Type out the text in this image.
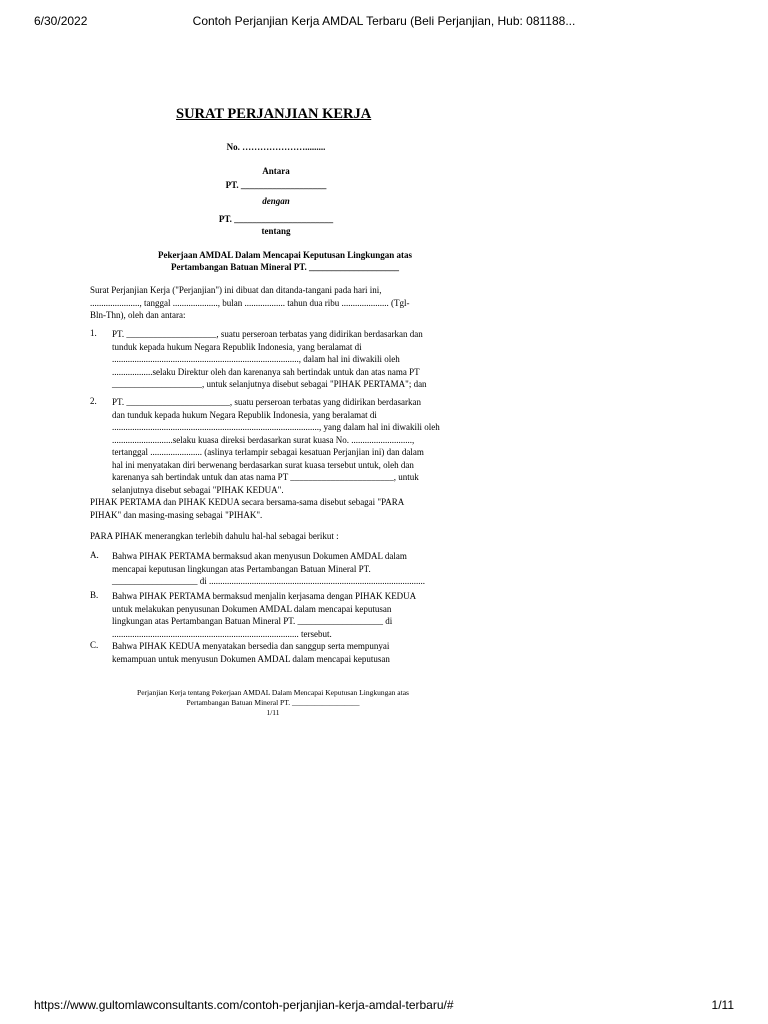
6/30/2022	Contoh Perjanjian Kerja AMDAL Terbaru (Beli Perjanjian, Hub: 081188...
SURAT PERJANJIAN KERJA
No. ………………….........
Antara
PT. ___________________
dengan
PT. ______________________
tentang
Pekerjaan AMDAL Dalam Mencapai Keputusan Lingkungan atas
Pertambangan Batuan Mineral PT. ____________________
Surat Perjanjian Kerja ("Perjanjian") ini dibuat dan ditanda-tangani pada hari ini,
......................, tanggal ...................., bulan .................. tahun dua ribu ..................... (Tgl-
Bln-Thn), oleh dan antara:
1. PT. ____________________, suatu perseroan terbatas yang didirikan berdasarkan dan
tunduk kepada hukum Negara Republik Indonesia, yang beralamat di
..................................................................................., dalam hal ini diwakili oleh
..................selaku Direktur oleh dan karenanya sah bertindak untuk dan atas nama PT
____________________, untuk selanjutnya disebut sebagai "PIHAK PERTAMA"; dan
2. PT. _______________________, suatu perseroan terbatas yang didirikan berdasarkan
dan tunduk kepada hukum Negara Republik Indonesia, yang beralamat di
............................................................................................, yang dalam hal ini diwakili oleh
...........................selaku kuasa direksi berdasarkan surat kuasa No. ...........................,
tertanggal ....................... (aslinya terlampir sebagai kesatuan Perjanjian ini) dan dalam
hal ini menyatakan diri berwenang berdasarkan surat kuasa tersebut untuk, oleh dan
karenanya sah bertindak untuk dan atas nama PT _______________________, untuk
selanjutnya disebut sebagai "PIHAK KEDUA".
PIHAK PERTAMA dan PIHAK KEDUA secara bersama-sama disebut sebagai "PARA
PIHAK" dan masing-masing sebagai "PIHAK".
PARA PIHAK menerangkan terlebih dahulu hal-hal sebagai berikut :
A. Bahwa PIHAK PERTAMA bermaksud akan menyusun Dokumen AMDAL dalam
mencapai keputusan lingkungan atas Pertambangan Batuan Mineral PT.
___________________ di ................................................................................................
B. Bahwa PIHAK PERTAMA bermaksud menjalin kerjasama dengan PIHAK KEDUA
untuk melakukan penyusunan Dokumen AMDAL dalam mencapai keputusan
lingkungan atas Pertambangan Batuan Mineral PT. ___________________ di
................................................................................... tersebut.
C. Bahwa PIHAK KEDUA menyatakan bersedia dan sanggup serta mempunyai
kemampuan untuk menyusun Dokumen AMDAL dalam mencapai keputusan
Perjanjian Kerja tentang Pekerjaan AMDAL Dalam Mencapai Keputusan Lingkungan atas
Pertambangan Batuan Mineral PT. __________________
1/11
https://www.gultomlawconsultants.com/contoh-perjanjian-kerja-amdal-terbaru/#	1/11
